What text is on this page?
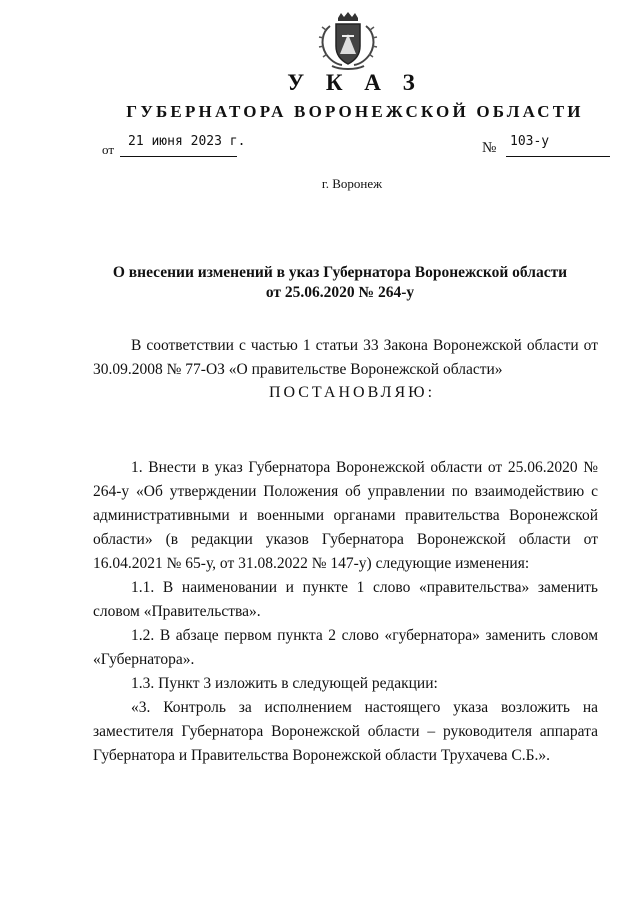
У К А З
ГУБЕРНАТОРА ВОРОНЕЖСКОЙ ОБЛАСТИ
от
21 июня 2023 г.	№ 103-у
г. Воронеж
О внесении изменений в указ Губернатора Воронежской области
от 25.06.2020 № 264-у

В соответствии с частью 1 статьи 33 Закона Воронежской области от 30.09.2008 № 77-ОЗ «О правительстве Воронежской области»

ПОСТАНОВЛЯЮ:

1. Внести в указ Губернатора Воронежской области от 25.06.2020 № 264-у «Об утверждении Положения об управлении по взаимодействию с административными и военными органами правительства Воронежской области» (в редакции указов Губернатора Воронежской области от 16.04.2021 № 65-у, от 31.08.2022 № 147-у) следующие изменения:

1.1. В наименовании и пункте 1 слово «правительства» заменить словом «Правительства».

1.2. В абзаце первом пункта 2 слово «губернатора» заменить словом «Губернатора».

1.3. Пункт 3 изложить в следующей редакции:

«3. Контроль за исполнением настоящего указа возложить на заместителя Губернатора Воронежской области – руководителя аппарата Губернатора и Правительства Воронежской области Трухачева С.Б.».
